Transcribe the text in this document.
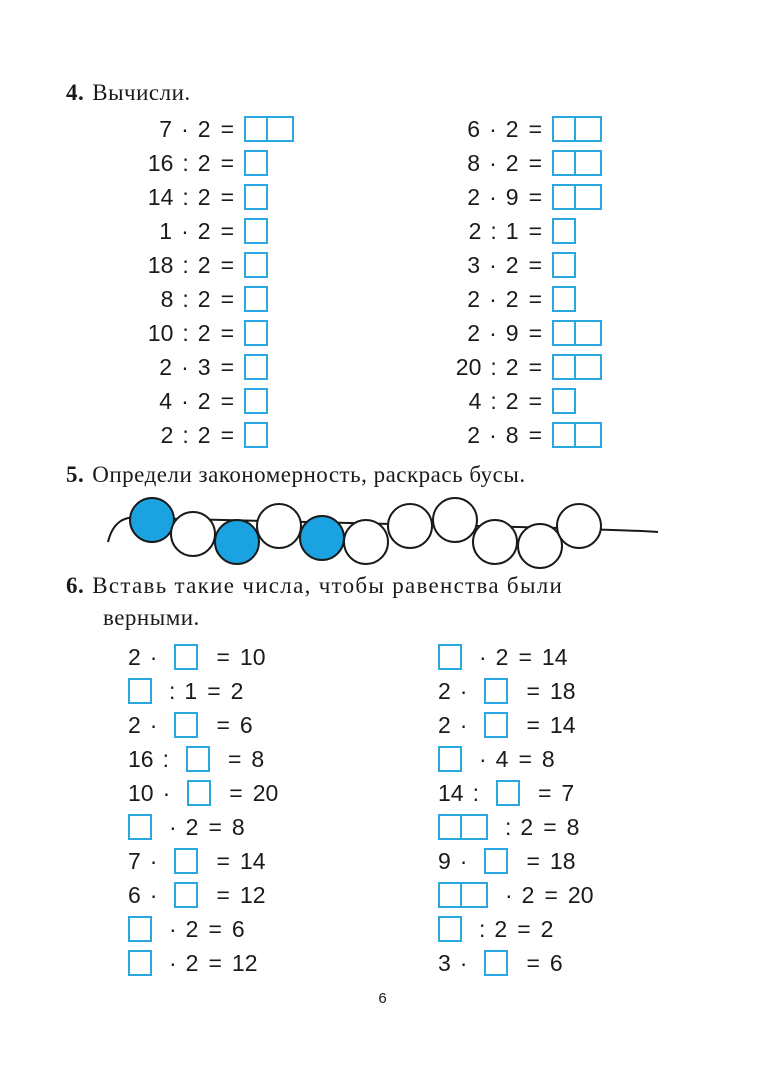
4. Вычисли.
7 · 2 =
16 : 2 =
14 : 2 =
1 · 2 =
18 : 2 =
8 : 2 =
10 : 2 =
2 · 3 =
4 · 2 =
2 : 2 =
6 · 2 =
8 · 2 =
2 · 9 =
2 : 1 =
3 · 2 =
2 · 2 =
2 · 9 =
20 : 2 =
4 : 2 =
2 · 8 =
5. Определи закономерность, раскрась бусы.
6. Вставь такие числа, чтобы равенства были
верными.
2 ·	= 10
: 1 = 2
2 ·	= 6
16 :	= 8
10 ·	= 20
· 2 = 8
7 ·	= 14
6 ·	= 12
· 2 = 6
· 2 = 12
· 2 = 14
2 ·	= 18
2 ·	= 14
· 4 = 8
14 :	= 7
: 2 = 8
9 ·	= 18
· 2 = 20
: 2 = 2
3 ·	= 6
6
